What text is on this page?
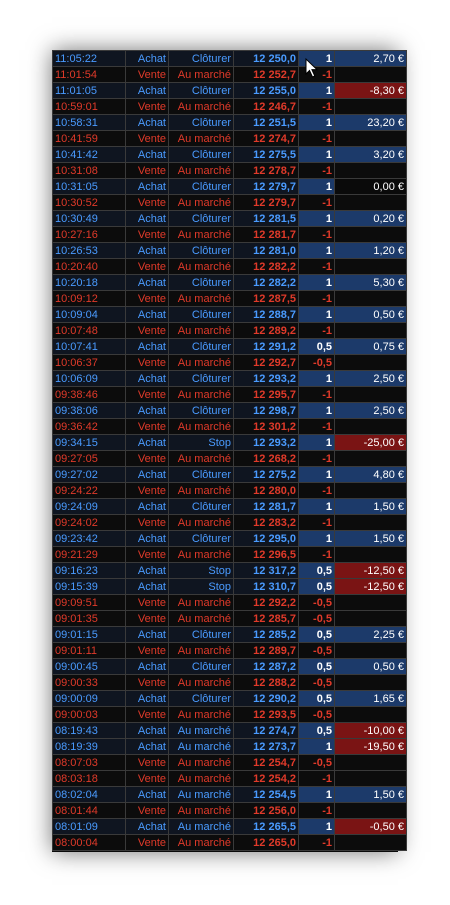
11:05:22	Achat	Clôturer	12 250,0	1	2,70 €
11:01:54	Vente	Au marché	12 252,7	-1	
11:01:05	Achat	Clôturer	12 255,0	1	-8,30 €
10:59:01	Vente	Au marché	12 246,7	-1	
10:58:31	Achat	Clôturer	12 251,5	1	23,20 €
10:41:59	Vente	Au marché	12 274,7	-1	
10:41:42	Achat	Clôturer	12 275,5	1	3,20 €
10:31:08	Vente	Au marché	12 278,7	-1	
10:31:05	Achat	Clôturer	12 279,7	1	0,00 €
10:30:52	Vente	Au marché	12 279,7	-1	
10:30:49	Achat	Clôturer	12 281,5	1	0,20 €
10:27:16	Vente	Au marché	12 281,7	-1	
10:26:53	Achat	Clôturer	12 281,0	1	1,20 €
10:20:40	Vente	Au marché	12 282,2	-1	
10:20:18	Achat	Clôturer	12 282,2	1	5,30 €
10:09:12	Vente	Au marché	12 287,5	-1	
10:09:04	Achat	Clôturer	12 288,7	1	0,50 €
10:07:48	Vente	Au marché	12 289,2	-1	
10:07:41	Achat	Clôturer	12 291,2	0,5	0,75 €
10:06:37	Vente	Au marché	12 292,7	-0,5	
10:06:09	Achat	Clôturer	12 293,2	1	2,50 €
09:38:46	Vente	Au marché	12 295,7	-1	
09:38:06	Achat	Clôturer	12 298,7	1	2,50 €
09:36:42	Vente	Au marché	12 301,2	-1	
09:34:15	Achat	Stop	12 293,2	1	-25,00 €
09:27:05	Vente	Au marché	12 268,2	-1	
09:27:02	Achat	Clôturer	12 275,2	1	4,80 €
09:24:22	Vente	Au marché	12 280,0	-1	
09:24:09	Achat	Clôturer	12 281,7	1	1,50 €
09:24:02	Vente	Au marché	12 283,2	-1	
09:23:42	Achat	Clôturer	12 295,0	1	1,50 €
09:21:29	Vente	Au marché	12 296,5	-1	
09:16:23	Achat	Stop	12 317,2	0,5	-12,50 €
09:15:39	Achat	Stop	12 310,7	0,5	-12,50 €
09:09:51	Vente	Au marché	12 292,2	-0,5	
09:01:35	Vente	Au marché	12 285,7	-0,5	
09:01:15	Achat	Clôturer	12 285,2	0,5	2,25 €
09:01:11	Vente	Au marché	12 289,7	-0,5	
09:00:45	Achat	Clôturer	12 287,2	0,5	0,50 €
09:00:33	Vente	Au marché	12 288,2	-0,5	
09:00:09	Achat	Clôturer	12 290,2	0,5	1,65 €
09:00:03	Vente	Au marché	12 293,5	-0,5	
08:19:43	Achat	Au marché	12 274,7	0,5	-10,00 €
08:19:39	Achat	Au marché	12 273,7	1	-19,50 €
08:07:03	Vente	Au marché	12 254,7	-0,5	
08:03:18	Vente	Au marché	12 254,2	-1	
08:02:04	Achat	Au marché	12 254,5	1	1,50 €
08:01:44	Vente	Au marché	12 256,0	-1	
08:01:09	Achat	Au marché	12 265,5	1	-0,50 €
08:00:04	Vente	Au marché	12 265,0	-1	
